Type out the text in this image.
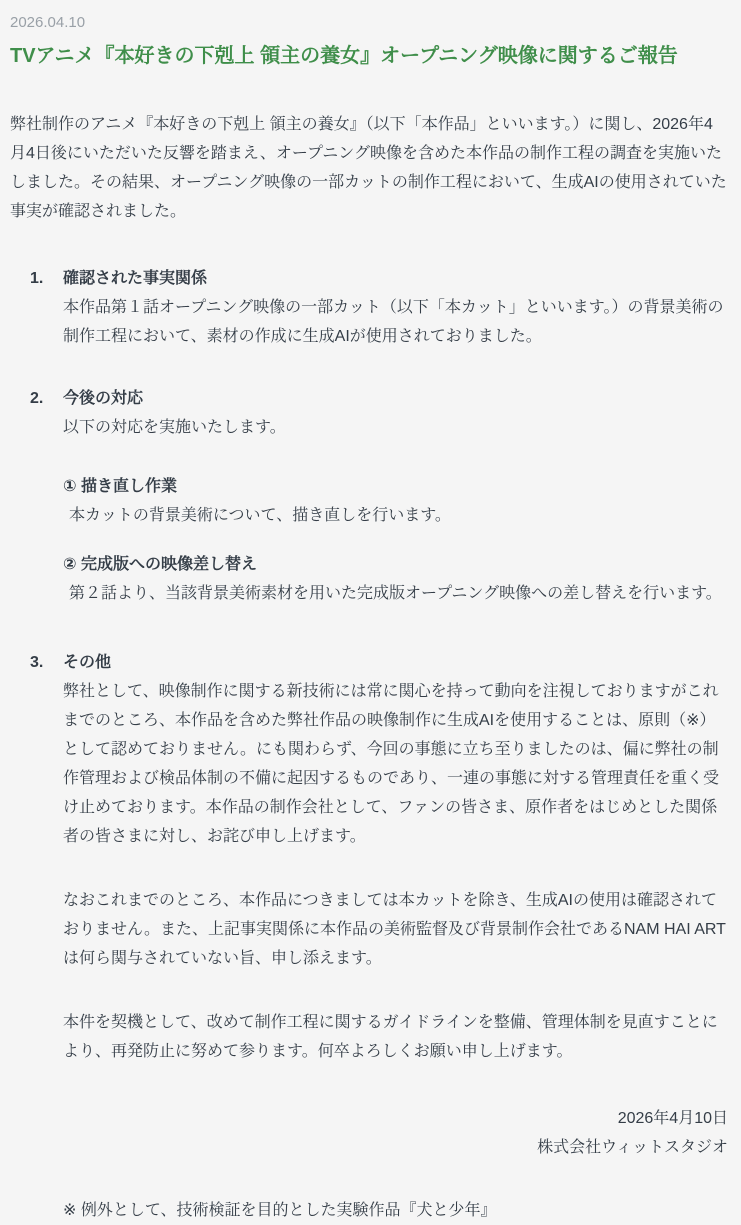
2026.04.10
TVアニメ『本好きの下剋上 領主の養女』オープニング映像に関するご報告

弊社制作のアニメ『本好きの下剋上 領主の養女』（以下「本作品」といいます。）に関し、2026年4月4日後にいただいた反響を踏まえ、オープニング映像を含めた本作品の制作工程の調査を実施いたしました。その結果、オープニング映像の一部カットの制作工程において、生成AIの使用されていた事実が確認されました。

1.	確認された事実関係

本作品第１話オープニング映像の一部カット（以下「本カット」といいます。）の背景美術の制作工程において、素材の作成に生成AIが使用されておりました。

2.	今後の対応

以下の対応を実施いたします。

① 描き直し作業

本カットの背景美術について、描き直しを行います。

② 完成版への映像差し替え

第２話より、当該背景美術素材を用いた完成版オープニング映像への差し替えを行います。

3.	その他

弊社として、映像制作に関する新技術には常に関心を持って動向を注視しておりますがこれまでのところ、本作品を含めた弊社作品の映像制作に生成AIを使用することは、原則（※）として認めておりません。にも関わらず、今回の事態に立ち至りましたのは、偏に弊社の制作管理および検品体制の不備に起因するものであり、一連の事態に対する管理責任を重く受け止めております。本作品の制作会社として、ファンの皆さま、原作者をはじめとした関係者の皆さまに対し、お詫び申し上げます。

なおこれまでのところ、本作品につきましては本カットを除き、生成AIの使用は確認されておりません。また、上記事実関係に本作品の美術監督及び背景制作会社であるNAM HAI ARTは何ら関与されていない旨、申し添えます。

本件を契機として、改めて制作工程に関するガイドラインを整備、管理体制を見直すことにより、再発防止に努めて参ります。何卒よろしくお願い申し上げます。

2026年4月10日

株式会社ウィットスタジオ

※ 例外として、技術検証を目的とした実験作品『犬と少年』
